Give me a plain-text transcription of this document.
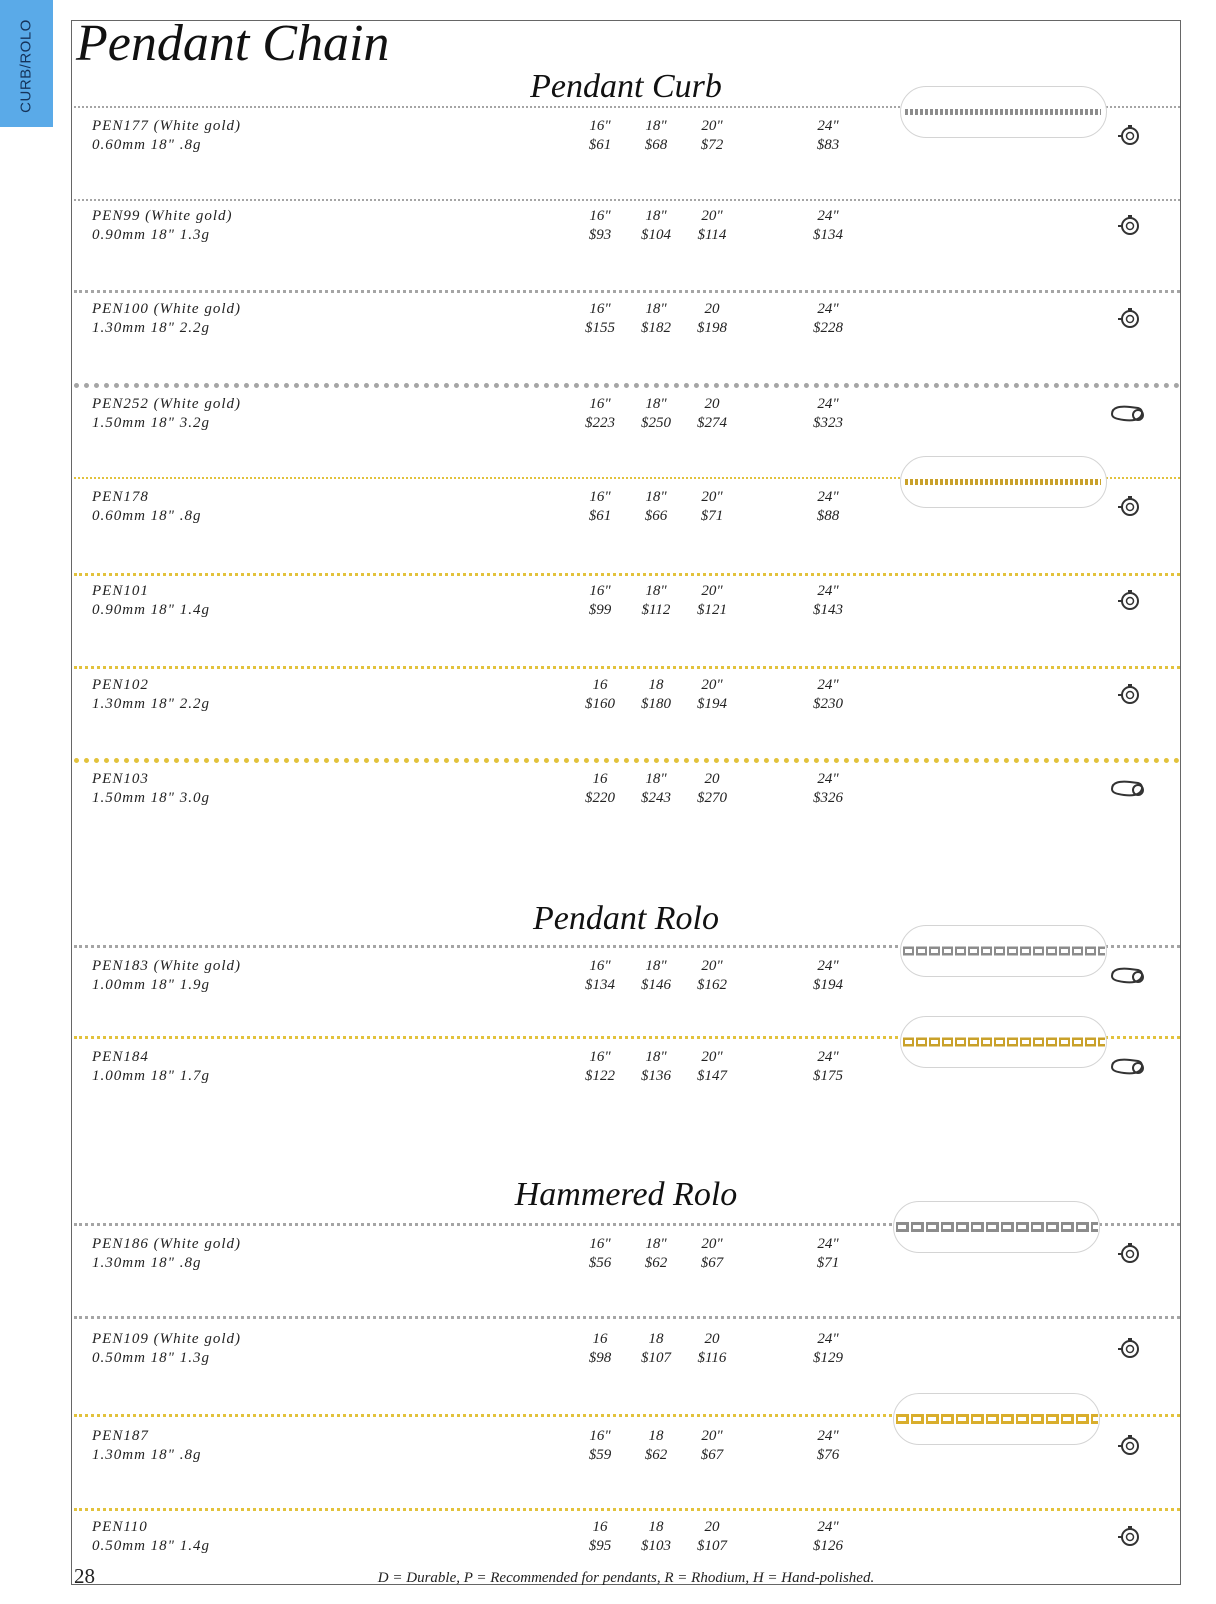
CURB/ROLO Pendant Chain
Pendant Curb
Pendant Rolo
Hammered Rolo
PEN177 (White gold)
0.60mm 18" .8g
16"	18"	20"	24"
$61	$68	$72	$83
PEN99 (White gold)
0.90mm 18" 1.3g
16"	18"	20"	24"
$93	$104	$114	$134
PEN100 (White gold)
1.30mm 18" 2.2g
16"	18"	20	24"
$155	$182	$198	$228
PEN252 (White gold)
1.50mm 18" 3.2g
16"	18"	20	24"
$223	$250	$274	$323
PEN178
0.60mm 18" .8g
16"	18"	20"	24"
$61	$66	$71	$88
PEN101
0.90mm 18" 1.4g
16"	18"	20"	24"
$99	$112	$121	$143
PEN102
1.30mm 18" 2.2g
16	18	20"	24"
$160	$180	$194	$230
PEN103
1.50mm 18" 3.0g
16	18"	20	24"
$220	$243	$270	$326
PEN183 (White gold)
1.00mm 18" 1.9g
16"	18"	20"	24"
$134	$146	$162	$194
PEN184
1.00mm 18" 1.7g
16"	18"	20"	24"
$122	$136	$147	$175
PEN186 (White gold)
1.30mm 18" .8g
16"	18"	20"	24"
$56	$62	$67	$71
PEN109 (White gold)
0.50mm 18" 1.3g
16	18	20	24"
$98	$107	$116	$129
PEN187
1.30mm 18" .8g
16"	18	20"	24"
$59	$62	$67	$76
PEN110
0.50mm 18" 1.4g
16	18	20	24"
$95	$103	$107	$126
28	D = Durable, P = Recommended for pendants, R = Rhodium, H = Hand-polished.
